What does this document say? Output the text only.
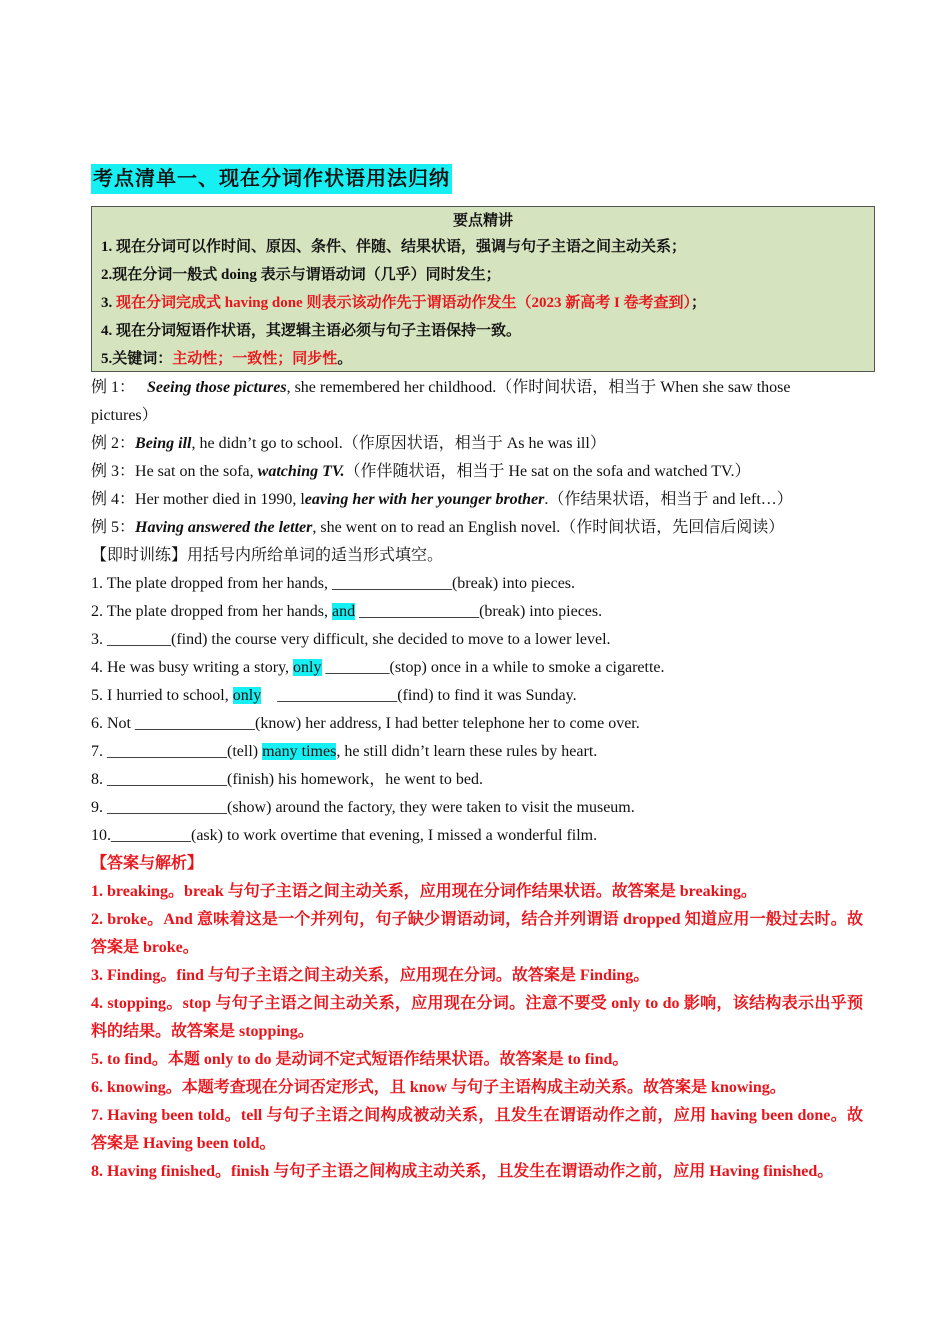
考点清单一、现在分词作状语用法归纳
要点精讲
1. 现在分词可以作时间、原因、条件、伴随、结果状语，强调与句子主语之间主动关系；
2.现在分词一般式 doing 表示与谓语动词（几乎）同时发生；
3. 现在分词完成式 having done 则表示该动作先于谓语动作发生（2023 新高考 I 卷考查到）；
4. 现在分词短语作状语，其逻辑主语必须与句子主语保持一致。
5.关键词：主动性；一致性；同步性。
例 1： Seeing those pictures, she remembered her childhood.（作时间状语，相当于 When she saw those
pictures）
例 2：Being ill, he didn’t go to school.（作原因状语，相当于 As he was ill）
例 3：He sat on the sofa, watching TV.（作伴随状语，相当于 He sat on the sofa and watched TV.）
例 4：Her mother died in 1990, leaving her with her younger brother.（作结果状语，相当于 and left…）
例 5：Having answered the letter, she went on to read an English novel.（作时间状语，先回信后阅读）
【即时训练】用括号内所给单词的适当形式填空。
1. The plate dropped from her hands, _______________(break) into pieces.
2. The plate dropped from her hands, and _______________(break) into pieces.
3. ________(find) the course very difficult, she decided to move to a lower level.
4. He was busy writing a story, only ________(stop) once in a while to smoke a cigarette.
5. I hurried to school, only    _______________(find) to find it was Sunday.
6. Not _______________(know) her address, I had better telephone her to come over.
7. _______________(tell) many times, he still didn’t learn these rules by heart.
8. _______________(finish) his homework，he went to bed.
9. _______________(show) around the factory, they were taken to visit the museum.
10.__________(ask) to work overtime that evening, I missed a wonderful film.
【答案与解析】
1. breaking。break 与句子主语之间主动关系，应用现在分词作结果状语。故答案是 breaking。
2. broke。And 意味着这是一个并列句，句子缺少谓语动词，结合并列谓语 dropped 知道应用一般过去时。故答案是 broke。
3. Finding。find 与句子主语之间主动关系，应用现在分词。故答案是 Finding。
4. stopping。stop 与句子主语之间主动关系，应用现在分词。注意不要受 only to do 影响，该结构表示出乎预料的结果。故答案是 stopping。
5. to find。本题 only to do 是动词不定式短语作结果状语。故答案是 to find。
6. knowing。本题考查现在分词否定形式，且 know 与句子主语构成主动关系。故答案是 knowing。
7. Having been told。tell 与句子主语之间构成被动关系，且发生在谓语动作之前，应用 having been done。故答案是 Having been told。
8. Having finished。finish 与句子主语之间构成主动关系，且发生在谓语动作之前，应用 Having finished。
